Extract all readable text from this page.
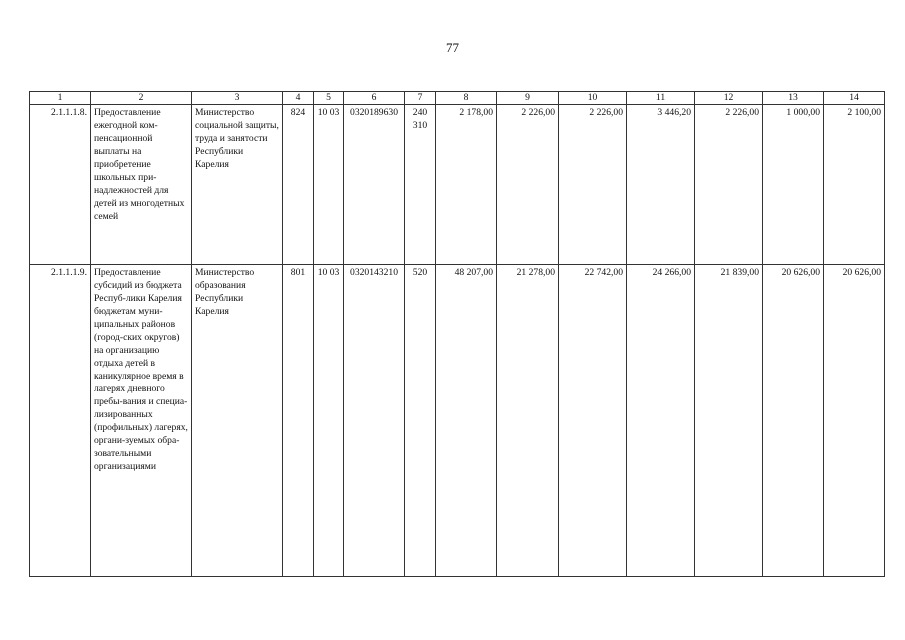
77
1	2	3	4	5	6	7	8	9	10	11	12	13	14
2.1.1.1.8.	Предоставление ежегодной ком-пенсационной выплаты на приобретение школьных при-надлежностей для детей из многодетных семей	Министерство социальной защиты, труда и занятости Республики Карелия	824	10 03	0320189630	240 310	2 178,00	2 226,00	2 226,00	3 446,20	2 226,00	1 000,00	2 100,00
2.1.1.1.9.	Предоставление субсидий из бюджета Респуб-лики Карелия бюджетам муни-ципальных районов (город-ских округов) на организацию отдыха детей в каникулярное время в лагерях дневного пребы-вания и специа-лизированных (профильных) лагерях, органи-зуемых обра-зовательными организациями	Министерство образования Республики Карелия	801	10 03	0320143210	520	48 207,00	21 278,00	22 742,00	24 266,00	21 839,00	20 626,00	20 626,00
